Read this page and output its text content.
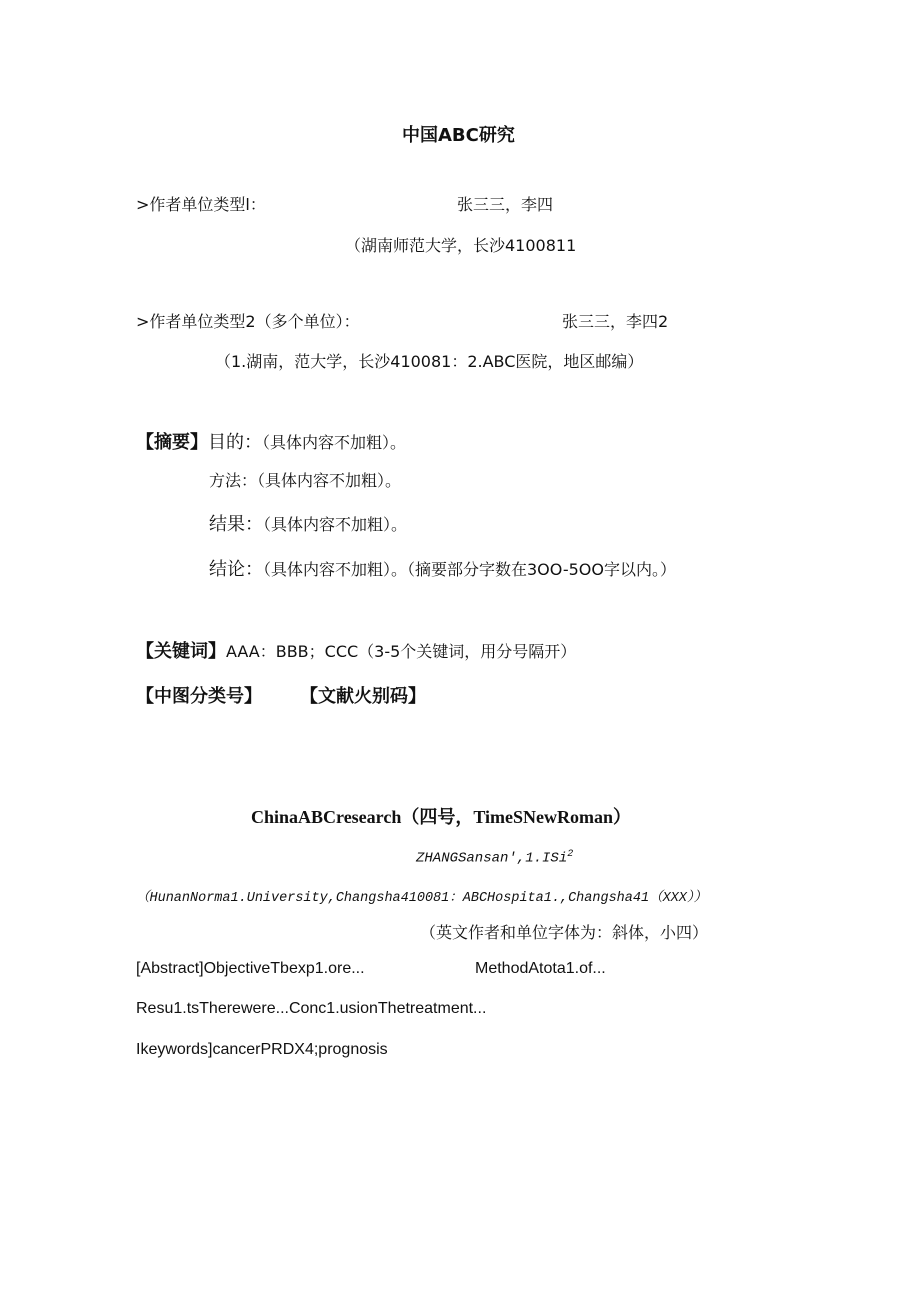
中国ABC研究
>作者单位类型l：	张三三，李四
（湖南师范大学，长沙4100811
>作者单位类型2（多个单位）：	张三三，李四2
（1.湖南，范大学，长沙410081：2.ABC医院，地区邮编）
【摘要】目的：（具体内容不加粗）。
方法：（具体内容不加粗）。
结果：（具体内容不加粗）。
结论：（具体内容不加粗）。（摘要部分字数在3OO-5OO字以内。）
【关键词】AAA：BBB；CCC（3-5个关键词，用分号隔开）
【中图分类号】 【文献火别码】
ChinaABCresearch（四号，TimeSNewRoman）
ZHANGSansan',1.ISi$^2$
（HunanNorma1.University,Changsha410081：ABCHospita1.,Changsha41（XXX））
（英文作者和单位字体为：斜体，小四）
[Abstract]ObjectiveTbexp1.ore...	MethodAtota1.of...
Resu1.tsTherewere...Conc1.usionThetreatment...
Ikeywords]cancerPRDX4;prognosis
